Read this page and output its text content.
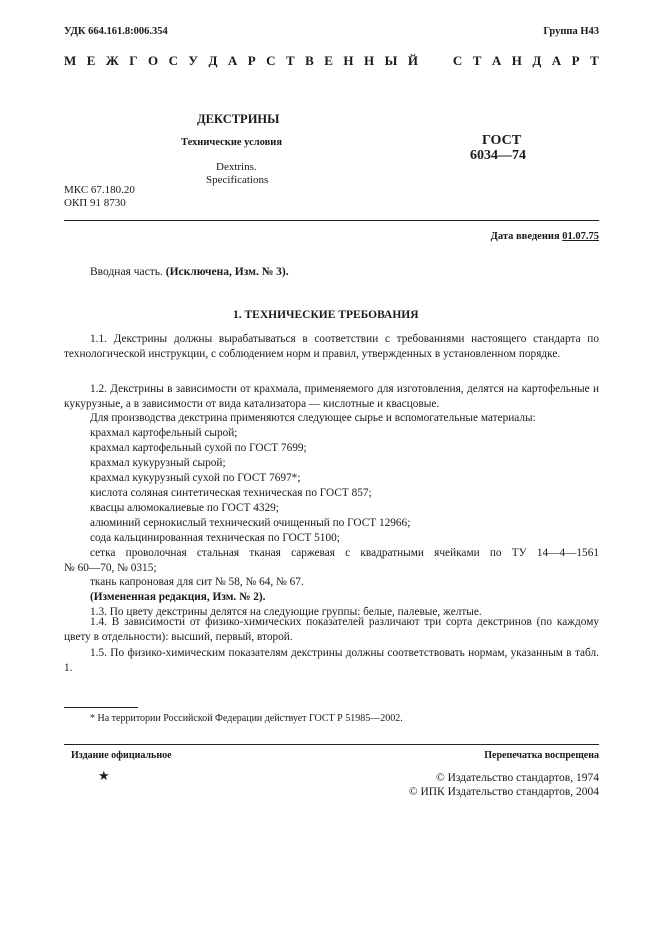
УДК 664.161.8:006.354	Группа Н43
М Е Ж Г О С У Д А Р С Т В Е Н Н Ы Й	С Т А Н Д А Р Т
ДЕКСТРИНЫ
Технические условия
Dextrins.
Specifications
ГОСТ
6034—74
МКС 67.180.20
ОКП 91 8730
Дата введения 01.07.75
Вводная часть. (Исключена, Изм. № 3).
1. ТЕХНИЧЕСКИЕ ТРЕБОВАНИЯ
1.1. Декстрины должны вырабатываться в соответствии с требованиями настоящего стандарта по технологической инструкции, с соблюдением норм и правил, утвержденных в установленном порядке.
1.2. Декстрины в зависимости от крахмала, применяемого для изготовления, делятся на картофельные и кукурузные, а в зависимости от вида катализатора — кислотные и квасцовые.
Для производства декстрина применяются следующее сырье и вспомогательные материалы:
крахмал картофельный сырой;
крахмал картофельный сухой по ГОСТ 7699;
крахмал кукурузный сырой;
крахмал кукурузный сухой по ГОСТ 7697*;
кислота соляная синтетическая техническая по ГОСТ 857;
квасцы алюмокалиевые по ГОСТ 4329;
алюминий сернокислый технический очищенный по ГОСТ 12966;
сода кальцинированная техническая по ГОСТ 5100;
сетка проволочная стальная тканая саржевая с квадратными ячейками по ТУ 14—4—1561
№ 60—70, № 0315;
ткань капроновая для сит № 58, № 64, № 67.
(Измененная редакция, Изм. № 2).
1.3. По цвету декстрины делятся на следующие группы: белые, палевые, желтые.
1.4. В зависимости от физико-химических показателей различают три сорта декстринов (по каждому цвету в отдельности): высший, первый, второй.
1.5. По физико-химическим показателям декстрины должны соответствовать нормам, указанным в табл. 1.
* На территории Российской Федерации действует ГОСТ Р 51985—2002.
Издание официальное	Перепечатка воспрещена
★	© Издательство стандартов, 1974
© ИПК Издательство стандартов, 2004
